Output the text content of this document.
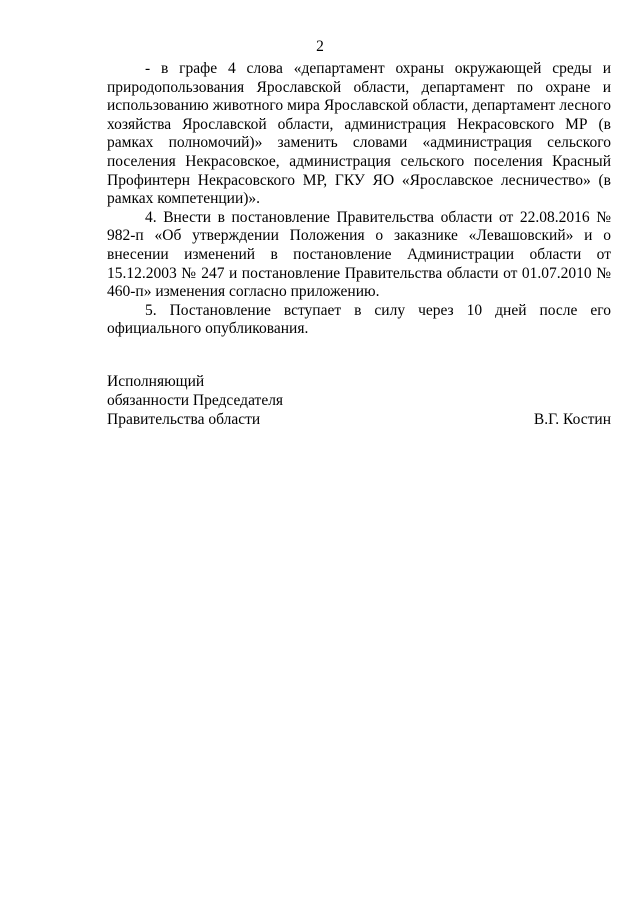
2

- в графе 4 слова «департамент охраны окружающей среды и природопользования Ярославской области, департамент по охране и использованию животного мира Ярославской области, департамент лесного хозяйства Ярославской области, администрация Некрасовского МР (в рамках полномочий)» заменить словами «администрация сельского поселения Некрасовское, администрация сельского поселения Красный Профинтерн Некрасовского МР, ГКУ ЯО «Ярославское лесничество» (в рамках компетенции)».

4. Внести в постановление Правительства области от 22.08.2016 № 982-п «Об утверждении Положения о заказнике «Левашовский» и о внесении изменений в постановление Администрации области от 15.12.2003 № 247 и постановление Правительства области от 01.07.2010 № 460-п» изменения согласно приложению.

5. Постановление вступает в силу через 10 дней после его официального опубликования.

Исполняющий
обязанности Председателя
Правительства области	В.Г. Костин
